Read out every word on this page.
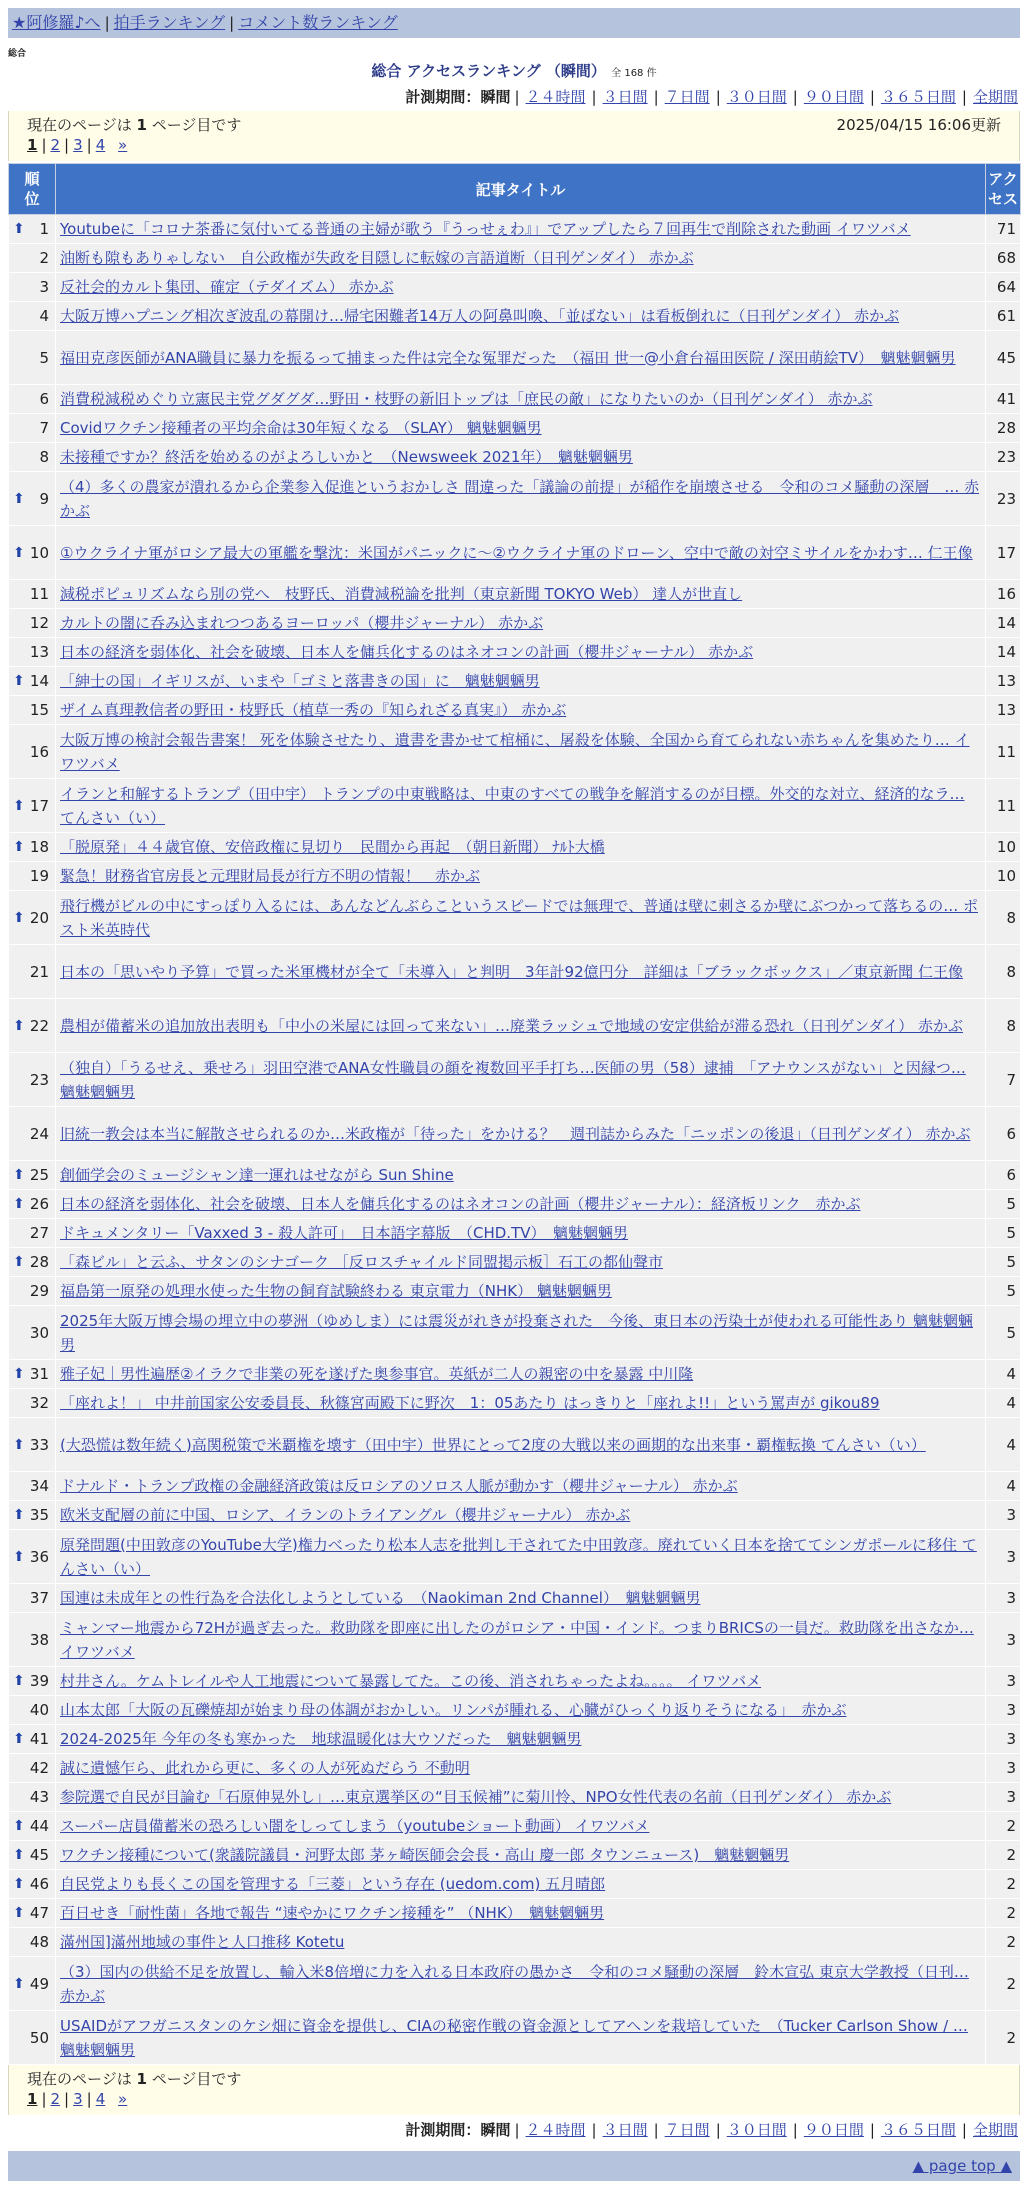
★阿修羅♪へ | 拍手ランキング | コメント数ランキング
総合
総合 アクセスランキング （瞬間） 全 168 件
計測期間：瞬間 | ２４時間 | ３日間 | ７日間 | ３０日間 | ９０日間 | ３６５日間 | 全期間
現在のページは 1 ページ目です	2025/04/15 16:06更新
1 | 2 | 3 | 4 »
順位	記事タイトル	アクセス

⬆ 1	Youtubeに「コロナ茶番に気付いてる普通の主婦が歌う『うっせぇわ』」でアップしたら７回再生で削除された動画 イワツバメ	71
2	油断も隙もありゃしない　自公政権が失政を目隠しに転嫁の言語道断（日刊ゲンダイ） 赤かぶ	68
3	反社会的カルト集団、確定（テダイズム） 赤かぶ	64
4	大阪万博ハプニング相次ぎ波乱の幕開け…帰宅困難者14万人の阿鼻叫喚、「並ばない」は看板倒れに（日刊ゲンダイ） 赤かぶ	61
5	福田克彦医師がANA職員に暴力を振るって捕まった件は完全な冤罪だった　（福田 世一@小倉台福田医院 / 深田萌絵TV）　魑魅魍魎男	45
6	消費税減税めぐり立憲民主党グダグダ…野田・枝野の新旧トップは「庶民の敵」になりたいのか（日刊ゲンダイ） 赤かぶ	41
7	Covidワクチン接種者の平均余命は30年短くなる （SLAY） 魑魅魍魎男	28
8	未接種ですか？終活を始めるのがよろしいかと　（Newsweek 2021年）　魑魅魍魎男	23

⬆ 9	（4）多くの農家が潰れるから企業参入促進というおかしさ 間違った「議論の前提」が稲作を崩壊させる　令和のコメ騒動の深層　… 赤かぶ	23

⬆ 10	①ウクライナ軍がロシア最大の軍艦を撃沈：米国がパニックに～②ウクライナ軍のドローン、空中で敵の対空ミサイルをかわす… 仁王像	17
11	減税ポピュリズムなら別の党へ　枝野氏、消費減税論を批判（東京新聞 TOKYO Web） 達人が世直し	16
12	カルトの闇に呑み込まれつつあるヨーロッパ（櫻井ジャーナル） 赤かぶ	14
13	日本の経済を弱体化、社会を破壊、日本人を傭兵化するのはネオコンの計画（櫻井ジャーナル） 赤かぶ	14

⬆ 14	「紳士の国」イギリスが、いまや「ゴミと落書きの国」に　魑魅魍魎男	13
15	ザイム真理教信者の野田・枝野氏（植草一秀の『知られざる真実』） 赤かぶ	13
16	大阪万博の検討会報告書案！ 死を体験させたり、遺書を書かせて棺桶に、屠殺を体験、全国から育てられない赤ちゃんを集めたり… イワツバメ	11

⬆ 17	イランと和解するトランプ（田中宇） トランプの中東戦略は、中東のすべての戦争を解消するのが目標。外交的な対立、経済的なラ… てんさい（い）	11

⬆ 18	「脱原発」４４歳官僚、安倍政権に見切り　民間から再起　（朝日新聞） ﾅﾙﾄ大橋	10
19	緊急！財務省官房長と元理財局長が行方不明の情報！　赤かぶ	10

⬆ 20	飛行機がビルの中にすっぽり入るには、あんなどんぶらこというスピードでは無理で、普通は壁に刺さるか壁にぶつかって落ちるの… ポスト米英時代	8
21	日本の「思いやり予算」で買った米軍機材が全て「未導入」と判明　3年計92億円分　詳細は「ブラックボックス」／東京新聞 仁王像	8

⬆ 22	農相が備蓄米の追加放出表明も「中小の米屋には回って来ない」…廃業ラッシュで地域の安定供給が滞る恐れ（日刊ゲンダイ） 赤かぶ	8
23	（独自）「うるせえ、乗せろ」羽田空港でANA女性職員の顔を複数回平手打ち…医師の男（58）逮捕　「アナウンスがない」と因縁つ… 魑魅魍魎男	7
24	旧統一教会は本当に解散させられるのか…米政権が「待った」をかける？　週刊誌からみた「ニッポンの後退」（日刊ゲンダイ） 赤かぶ	6

⬆ 25	創価学会のミュージシャン達一運れはせながら Sun Shine	6

⬆ 26	日本の経済を弱体化、社会を破壊、日本人を傭兵化するのはネオコンの計画（櫻井ジャーナル）：経済板リンク　赤かぶ	5
27	ドキュメンタリー「Vaxxed 3 - 殺人許可」　日本語字幕版　（CHD.TV）　魑魅魍魎男	5

⬆ 28	「森ビル」と云ふ、サタンのシナゴーク ［反ロスチャイルド同盟掲示板］石工の都仙聲市	5
29	福島第一原発の処理水使った生物の飼育試験終わる 東京電力（NHK） 魑魅魍魎男	5
30	2025年大阪万博会場の埋立中の夢洲（ゆめしま）には震災がれきが投棄された　今後、東日本の汚染土が使われる可能性あり 魑魅魍魎男	5

⬆ 31	雅子妃｜男性遍歴②イラクで非業の死を遂げた奥参事官。英紙が二人の親密の中を暴露 中川隆	4
32	「座れよ！」 中井前国家公安委員長、秋篠宮両殿下に野次　1：05あたり はっきりと「座れよ!!」という罵声が gikou89	4

⬆ 33	(大恐慌は数年続く)高関税策で米覇権を壊す（田中宇）世界にとって2度の大戦以来の画期的な出来事・覇権転換 てんさい（い）	4
34	ドナルド・トランプ政権の金融経済政策は反ロシアのソロス人脈が動かす（櫻井ジャーナル） 赤かぶ	4

⬆ 35	欧米支配層の前に中国、ロシア、イランのトライアングル（櫻井ジャーナル） 赤かぶ	3

⬆ 36	原発問題(中田敦彦のYouTube大学)権力べったり松本人志を批判し干されてた中田敦彦。廃れていく日本を捨ててシンガポールに移住 てんさい（い）	3
37	国連は未成年との性行為を合法化しようとしている　（Naokiman 2nd Channel）　魑魅魍魎男	3
38	ミャンマー地震から72Hが過ぎ去った。救助隊を即座に出したのがロシア・中国・インド。つまりBRICSの一員だ。救助隊を出さなか… イワツバメ	3

⬆ 39	村井さん。ケムトレイルや人工地震について暴露してた。この後、消されちゃったよね。。。。 イワツバメ	3
40	山本太郎「大阪の瓦礫焼却が始まり母の体調がおかしい。リンパが腫れる、心臓がひっくり返りそうになる」　赤かぶ	3

⬆ 41	2024-2025年 今年の冬も寒かった　地球温暖化は大ウソだった　魑魅魍魎男	3
42	誠に遺憾乍ら、此れから更に、多くの人が死ぬだらう 不動明	3
43	参院選で自民が目論む「石原伸晃外し」…東京選挙区の“目玉候補”に菊川怜、NPO女性代表の名前（日刊ゲンダイ） 赤かぶ	3

⬆ 44	スーパー店員備蓄米の恐ろしい闇をしってしまう（youtubeショート動画） イワツバメ	2

⬆ 45	ワクチン接種について(衆議院議員・河野太郎 茅ヶ崎医師会会長・高山 慶一郎 タウンニュース)　魑魅魍魎男	2

⬆ 46	自民党よりも長くこの国を管理する「三菱」という存在 (uedom.com) 五月晴郎	2

⬆ 47	百日せき「耐性菌」各地で報告 “速やかにワクチン接種を” （NHK）　魑魅魍魎男	2
48	滿州国]滿州地域の事件と人口推移 Kotetu	2

⬆ 49	（3）国内の供給不足を放置し、輸入米8倍増に力を入れる日本政府の愚かさ　令和のコメ騒動の深層　鈴木宣弘 東京大学教授（日刊… 赤かぶ	2
50	USAIDがアフガニスタンのケシ畑に資金を提供し、CIAの秘密作戦の資金源としてアヘンを栽培していた　（Tucker Carlson Show / … 魑魅魍魎男	2
現在のページは 1 ページ目です
1 | 2 | 3 | 4 »
計測期間：瞬間 | ２４時間 | ３日間 | ７日間 | ３０日間 | ９０日間 | ３６５日間 | 全期間
▲ page top ▲
